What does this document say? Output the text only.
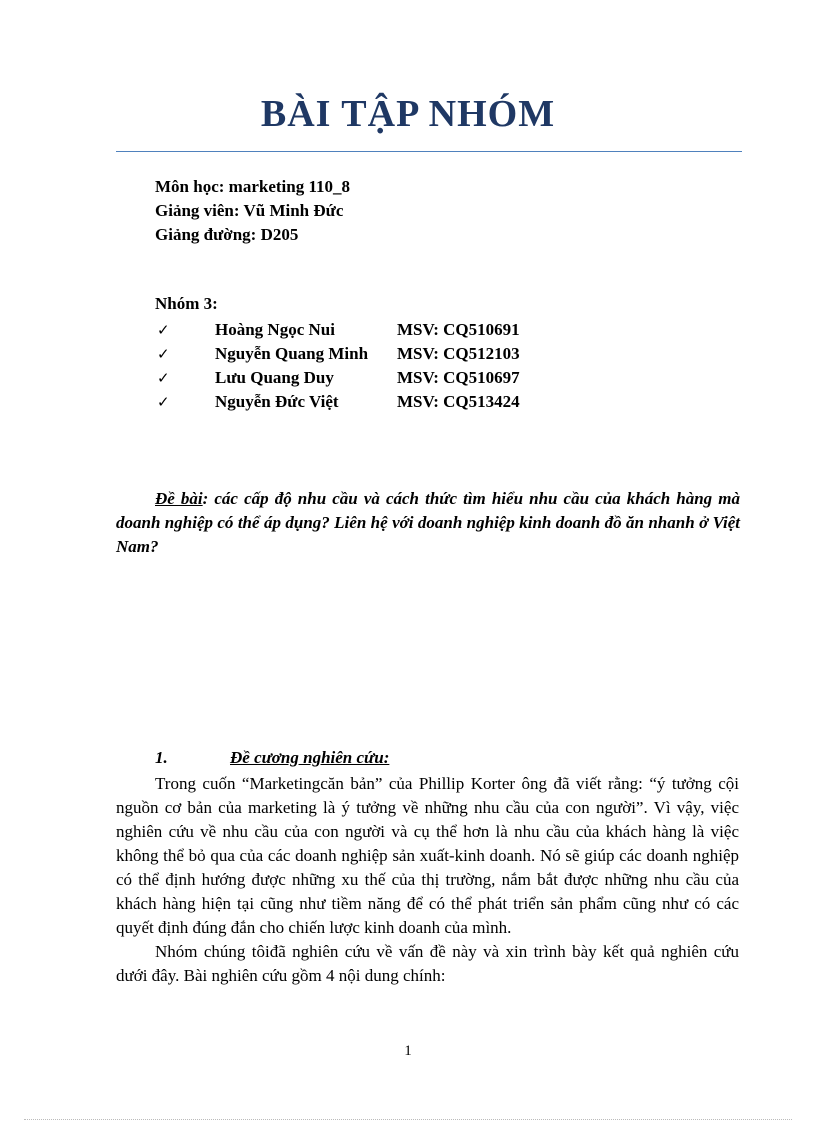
BÀI TẬP NHÓM
Môn học: marketing 110_8
Giảng viên: Vũ Minh Đức
Giảng đường: D205
Nhóm 3:
✓	Hoàng Ngọc Nui	MSV: CQ510691
✓	Nguyễn Quang Minh MSV: CQ512103
✓	Lưu Quang Duy	MSV: CQ510697
✓	Nguyễn Đức Việt	MSV: CQ513424
Đề bài: các cấp độ nhu cầu và cách thức tìm hiểu nhu cầu của khách hàng mà doanh nghiệp có thể áp dụng? Liên hệ với doanh nghiệp kinh doanh đồ ăn nhanh ở Việt Nam?
1.	Đề cương nghiên cứu:

Trong cuốn “Marketingcăn bản” của Phillip Korter ông đã viết rằng: “ý tưởng cội nguồn cơ bản của marketing là ý tưởng về những nhu cầu của con người”. Vì vậy, việc nghiên cứu về nhu cầu của con người và cụ thể hơn là nhu cầu của khách hàng là việc không thể bỏ qua của các doanh nghiệp sản xuất-kinh doanh. Nó sẽ giúp các doanh nghiệp có thể định hướng được những xu thế của thị trường, nắm bắt được những nhu cầu của khách hàng hiện tại cũng như tiềm năng để có thể phát triển sản phẩm cũng như có các quyết định đúng đắn cho chiến lược kinh doanh của mình.

Nhóm chúng tôiđã nghiên cứu về vấn đề này và xin trình bày kết quả nghiên cứu dưới đây. Bài nghiên cứu gồm 4 nội dung chính:

1
